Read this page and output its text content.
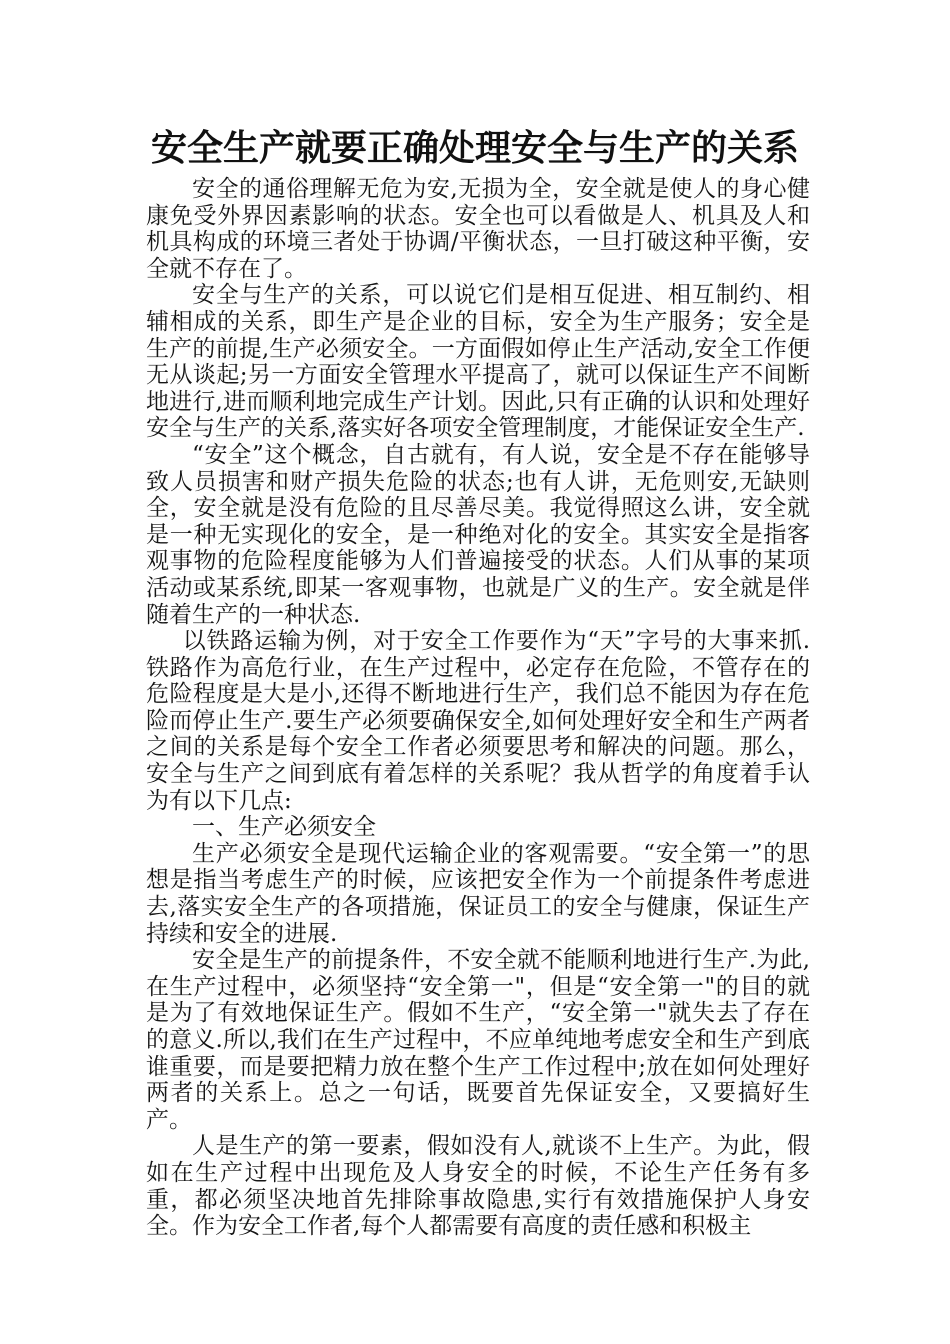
安全生产就要正确处理安全与生产的关系

安全的通俗理解无危为安,无损为全，安全就是使人的身心健康免受外界因素影响的状态。安全也可以看做是人、机具及人和机具构成的环境三者处于协调/平衡状态，一旦打破这种平衡，安全就不存在了。

安全与生产的关系，可以说它们是相互促进、相互制约、相辅相成的关系，即生产是企业的目标，安全为生产服务；安全是生产的前提,生产必须安全。一方面假如停止生产活动,安全工作便无从谈起;另一方面安全管理水平提高了，就可以保证生产不间断地进行,进而顺利地完成生产计划。因此,只有正确的认识和处理好安全与生产的关系,落实好各项安全管理制度，才能保证安全生产.

“安全”这个概念，自古就有，有人说，安全是不存在能够导致人员损害和财产损失危险的状态;也有人讲，无危则安,无缺则全，安全就是没有危险的且尽善尽美。我觉得照这么讲，安全就是一种无实现化的安全，是一种绝对化的安全。其实安全是指客观事物的危险程度能够为人们普遍接受的状态。人们从事的某项活动或某系统,即某一客观事物，也就是广义的生产。安全就是伴随着生产的一种状态.

以铁路运输为例，对于安全工作要作为“天”字号的大事来抓.铁路作为高危行业，在生产过程中，必定存在危险，不管存在的危险程度是大是小,还得不断地进行生产，我们总不能因为存在危险而停止生产.要生产必须要确保安全,如何处理好安全和生产两者之间的关系是每个安全工作者必须要思考和解决的问题。那么，安全与生产之间到底有着怎样的关系呢？我从哲学的角度着手认为有以下几点:

一、生产必须安全

生产必须安全是现代运输企业的客观需要。“安全第一”的思想是指当考虑生产的时候，应该把安全作为一个前提条件考虑进去,落实安全生产的各项措施，保证员工的安全与健康，保证生产持续和安全的进展.

安全是生产的前提条件，不安全就不能顺利地进行生产.为此,在生产过程中，必须坚持“安全第一"，但是“安全第一"的目的就是为了有效地保证生产。假如不生产，“安全第一"就失去了存在的意义.所以,我们在生产过程中，不应单纯地考虑安全和生产到底谁重要，而是要把精力放在整个生产工作过程中;放在如何处理好两者的关系上。总之一句话，既要首先保证安全，又要搞好生产。

人是生产的第一要素，假如没有人,就谈不上生产。为此，假如在生产过程中出现危及人身安全的时候，不论生产任务有多重，都必须坚决地首先排除事故隐患,实行有效措施保护人身安全。作为安全工作者,每个人都需要有高度的责任感和积极主
